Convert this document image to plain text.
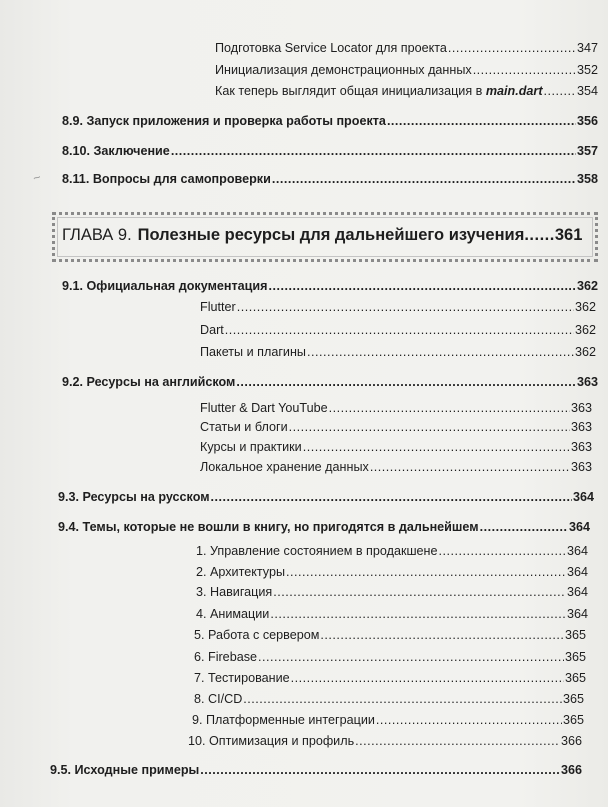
Подготовка Service Locator для проекта .....	347
Инициализация демонстрационных данных .....	352
Как теперь выглядит общая инициализация в main.dart .....	354
8.9. Запуск приложения и проверка работы проекта .....	356
8.10. Заключение .....	357
8.11. Вопросы для самопроверки .....	358
~
ГЛАВА 9. Полезные ресурсы для дальнейшего изучения ...... 361
9.1. Официальная документация .....	362
Flutter .....	362
Dart .....	362
Пакеты и плагины .....	362
9.2. Ресурсы на английском .....	363
Flutter & Dart YouTube .....	363
Статьи и блоги .....	363
Курсы и практики .....	363
Локальное хранение данных .....	363
9.3. Ресурсы на русском .....	364
9.4. Темы, которые не вошли в книгу, но пригодятся в дальнейшем .....	364
1. Управление состоянием в продакшене .....	364
2. Архитектуры .....	364
3. Навигация .....	364
4. Анимации .....	364
5. Работа с сервером .....	365
6. Firebase .....	365
7. Тестирование .....	365
8. CI/CD .....	365
9. Платформенные интеграции .....	365
10. Оптимизация и профиль .....	366
9.5. Исходные примеры .....	366
